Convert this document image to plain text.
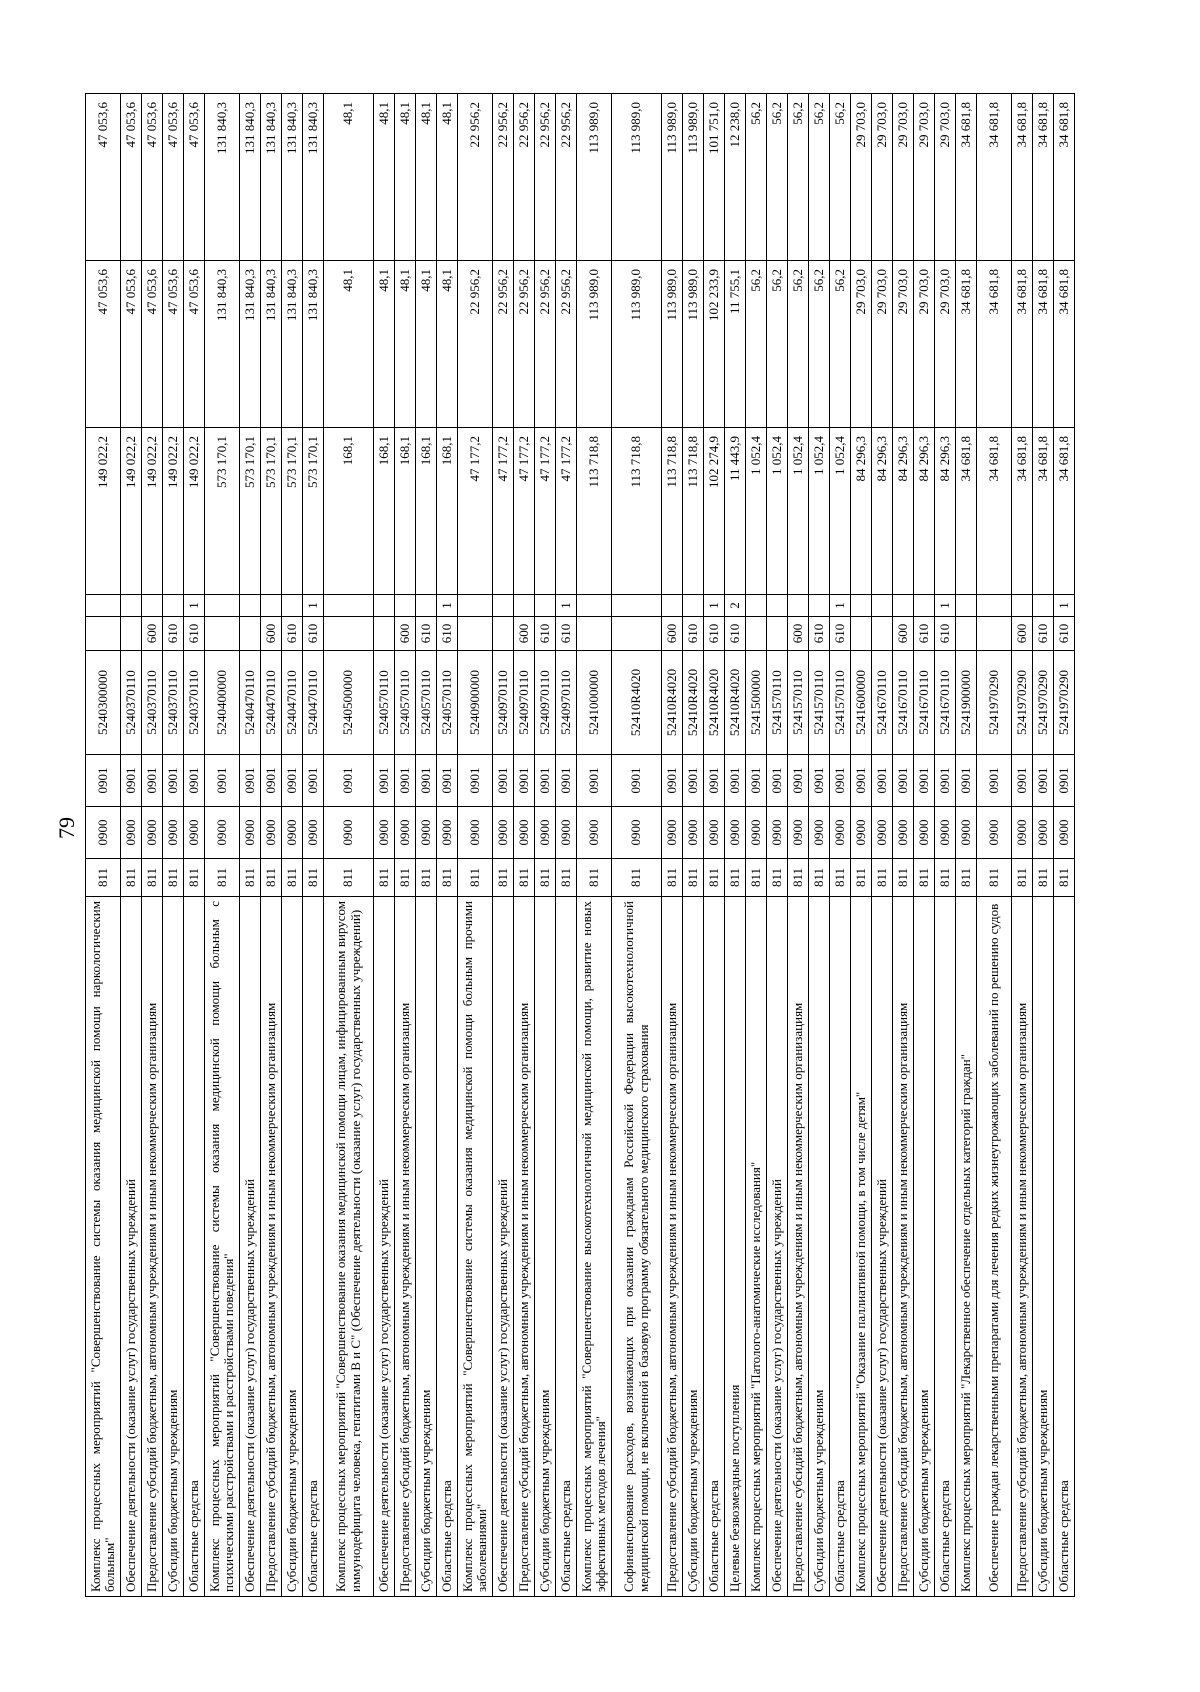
79
Комплекс процессных мероприятий "Совершенствование системы оказания медицинской помощи наркологическим больным"	811	0900	0901	5240300000			149 022,2	47 053,6	47 053,6
Обеспечение деятельности (оказание услуг) государственных учреждений	811	0900	0901	5240370110			149 022,2	47 053,6	47 053,6
Предоставление субсидий бюджетным, автономным учреждениям и иным некоммерческим организациям	811	0900	0901	5240370110	600		149 022,2	47 053,6	47 053,6
Субсидии бюджетным учреждениям	811	0900	0901	5240370110	610		149 022,2	47 053,6	47 053,6
Областные средства	811	0900	0901	5240370110	610	1	149 022,2	47 053,6	47 053,6
Комплекс процессных мероприятий "Совершенствование системы оказания медицинской помощи больным с психическими расстройствами и расстройствами поведения"	811	0900	0901	5240400000			573 170,1	131 840,3	131 840,3
Обеспечение деятельности (оказание услуг) государственных учреждений	811	0900	0901	5240470110			573 170,1	131 840,3	131 840,3
Предоставление субсидий бюджетным, автономным учреждениям и иным некоммерческим организациям	811	0900	0901	5240470110	600		573 170,1	131 840,3	131 840,3
Субсидии бюджетным учреждениям	811	0900	0901	5240470110	610		573 170,1	131 840,3	131 840,3
Областные средства	811	0900	0901	5240470110	610	1	573 170,1	131 840,3	131 840,3
Комплекс процессных мероприятий "Совершенствование оказания медицинской помощи лицам, инфицированным вирусом иммунодефицита человека, гепатитами В и С" (Обеспечение деятельности (оказание услуг) государственных учреждений)	811	0900	0901	5240500000			168,1	48,1	48,1
Обеспечение деятельности (оказание услуг) государственных учреждений	811	0900	0901	5240570110			168,1	48,1	48,1
Предоставление субсидий бюджетным, автономным учреждениям и иным некоммерческим организациям	811	0900	0901	5240570110	600		168,1	48,1	48,1
Субсидии бюджетным учреждениям	811	0900	0901	5240570110	610		168,1	48,1	48,1
Областные средства	811	0900	0901	5240570110	610	1	168,1	48,1	48,1
Комплекс процессных мероприятий "Совершенствование системы оказания медицинской помощи больным прочими заболеваниями"	811	0900	0901	5240900000			47 177,2	22 956,2	22 956,2
Обеспечение деятельности (оказание услуг) государственных учреждений	811	0900	0901	5240970110			47 177,2	22 956,2	22 956,2
Предоставление субсидий бюджетным, автономным учреждениям и иным некоммерческим организациям	811	0900	0901	5240970110	600		47 177,2	22 956,2	22 956,2
Субсидии бюджетным учреждениям	811	0900	0901	5240970110	610		47 177,2	22 956,2	22 956,2
Областные средства	811	0900	0901	5240970110	610	1	47 177,2	22 956,2	22 956,2
Комплекс процессных мероприятий "Совершенствование высокотехнологичной медицинской помощи, развитие новых эффективных методов лечения"	811	0900	0901	5241000000			113 718,8	113 989,0	113 989,0
Софинансирование расходов, возникающих при оказании гражданам Российской Федерации высокотехнологичной медицинской помощи, не включенной в базовую программу обязательного медицинского страхования	811	0900	0901	52410R4020			113 718,8	113 989,0	113 989,0
Предоставление субсидий бюджетным, автономным учреждениям и иным некоммерческим организациям	811	0900	0901	52410R4020	600		113 718,8	113 989,0	113 989,0
Субсидии бюджетным учреждениям	811	0900	0901	52410R4020	610		113 718,8	113 989,0	113 989,0
Областные средства	811	0900	0901	52410R4020	610	1	102 274,9	102 233,9	101 751,0
Целевые безвозмездные поступления	811	0900	0901	52410R4020	610	2	11 443,9	11 755,1	12 238,0
Комплекс процессных мероприятий "Патолого-анатомические исследования"	811	0900	0901	5241500000			1 052,4	56,2	56,2
Обеспечение деятельности (оказание услуг) государственных учреждений	811	0900	0901	5241570110			1 052,4	56,2	56,2
Предоставление субсидий бюджетным, автономным учреждениям и иным некоммерческим организациям	811	0900	0901	5241570110	600		1 052,4	56,2	56,2
Субсидии бюджетным учреждениям	811	0900	0901	5241570110	610		1 052,4	56,2	56,2
Областные средства	811	0900	0901	5241570110	610	1	1 052,4	56,2	56,2
Комплекс процессных мероприятий "Оказание паллиативной помощи, в том числе детям"	811	0900	0901	5241600000			84 296,3	29 703,0	29 703,0
Обеспечение деятельности (оказание услуг) государственных учреждений	811	0900	0901	5241670110			84 296,3	29 703,0	29 703,0
Предоставление субсидий бюджетным, автономным учреждениям и иным некоммерческим организациям	811	0900	0901	5241670110	600		84 296,3	29 703,0	29 703,0
Субсидии бюджетным учреждениям	811	0900	0901	5241670110	610		84 296,3	29 703,0	29 703,0
Областные средства	811	0900	0901	5241670110	610	1	84 296,3	29 703,0	29 703,0
Комплекс процессных мероприятий "Лекарственное обеспечение отдельных категорий граждан"	811	0900	0901	5241900000			34 681,8	34 681,8	34 681,8
Обеспечение граждан лекарственными препаратами для лечения редких жизнеугрожающих заболеваний по решению судов	811	0900	0901	5241970290			34 681,8	34 681,8	34 681,8
Предоставление субсидий бюджетным, автономным учреждениям и иным некоммерческим организациям	811	0900	0901	5241970290	600		34 681,8	34 681,8	34 681,8
Субсидии бюджетным учреждениям	811	0900	0901	5241970290	610		34 681,8	34 681,8	34 681,8
Областные средства	811	0900	0901	5241970290	610	1	34 681,8	34 681,8	34 681,8
